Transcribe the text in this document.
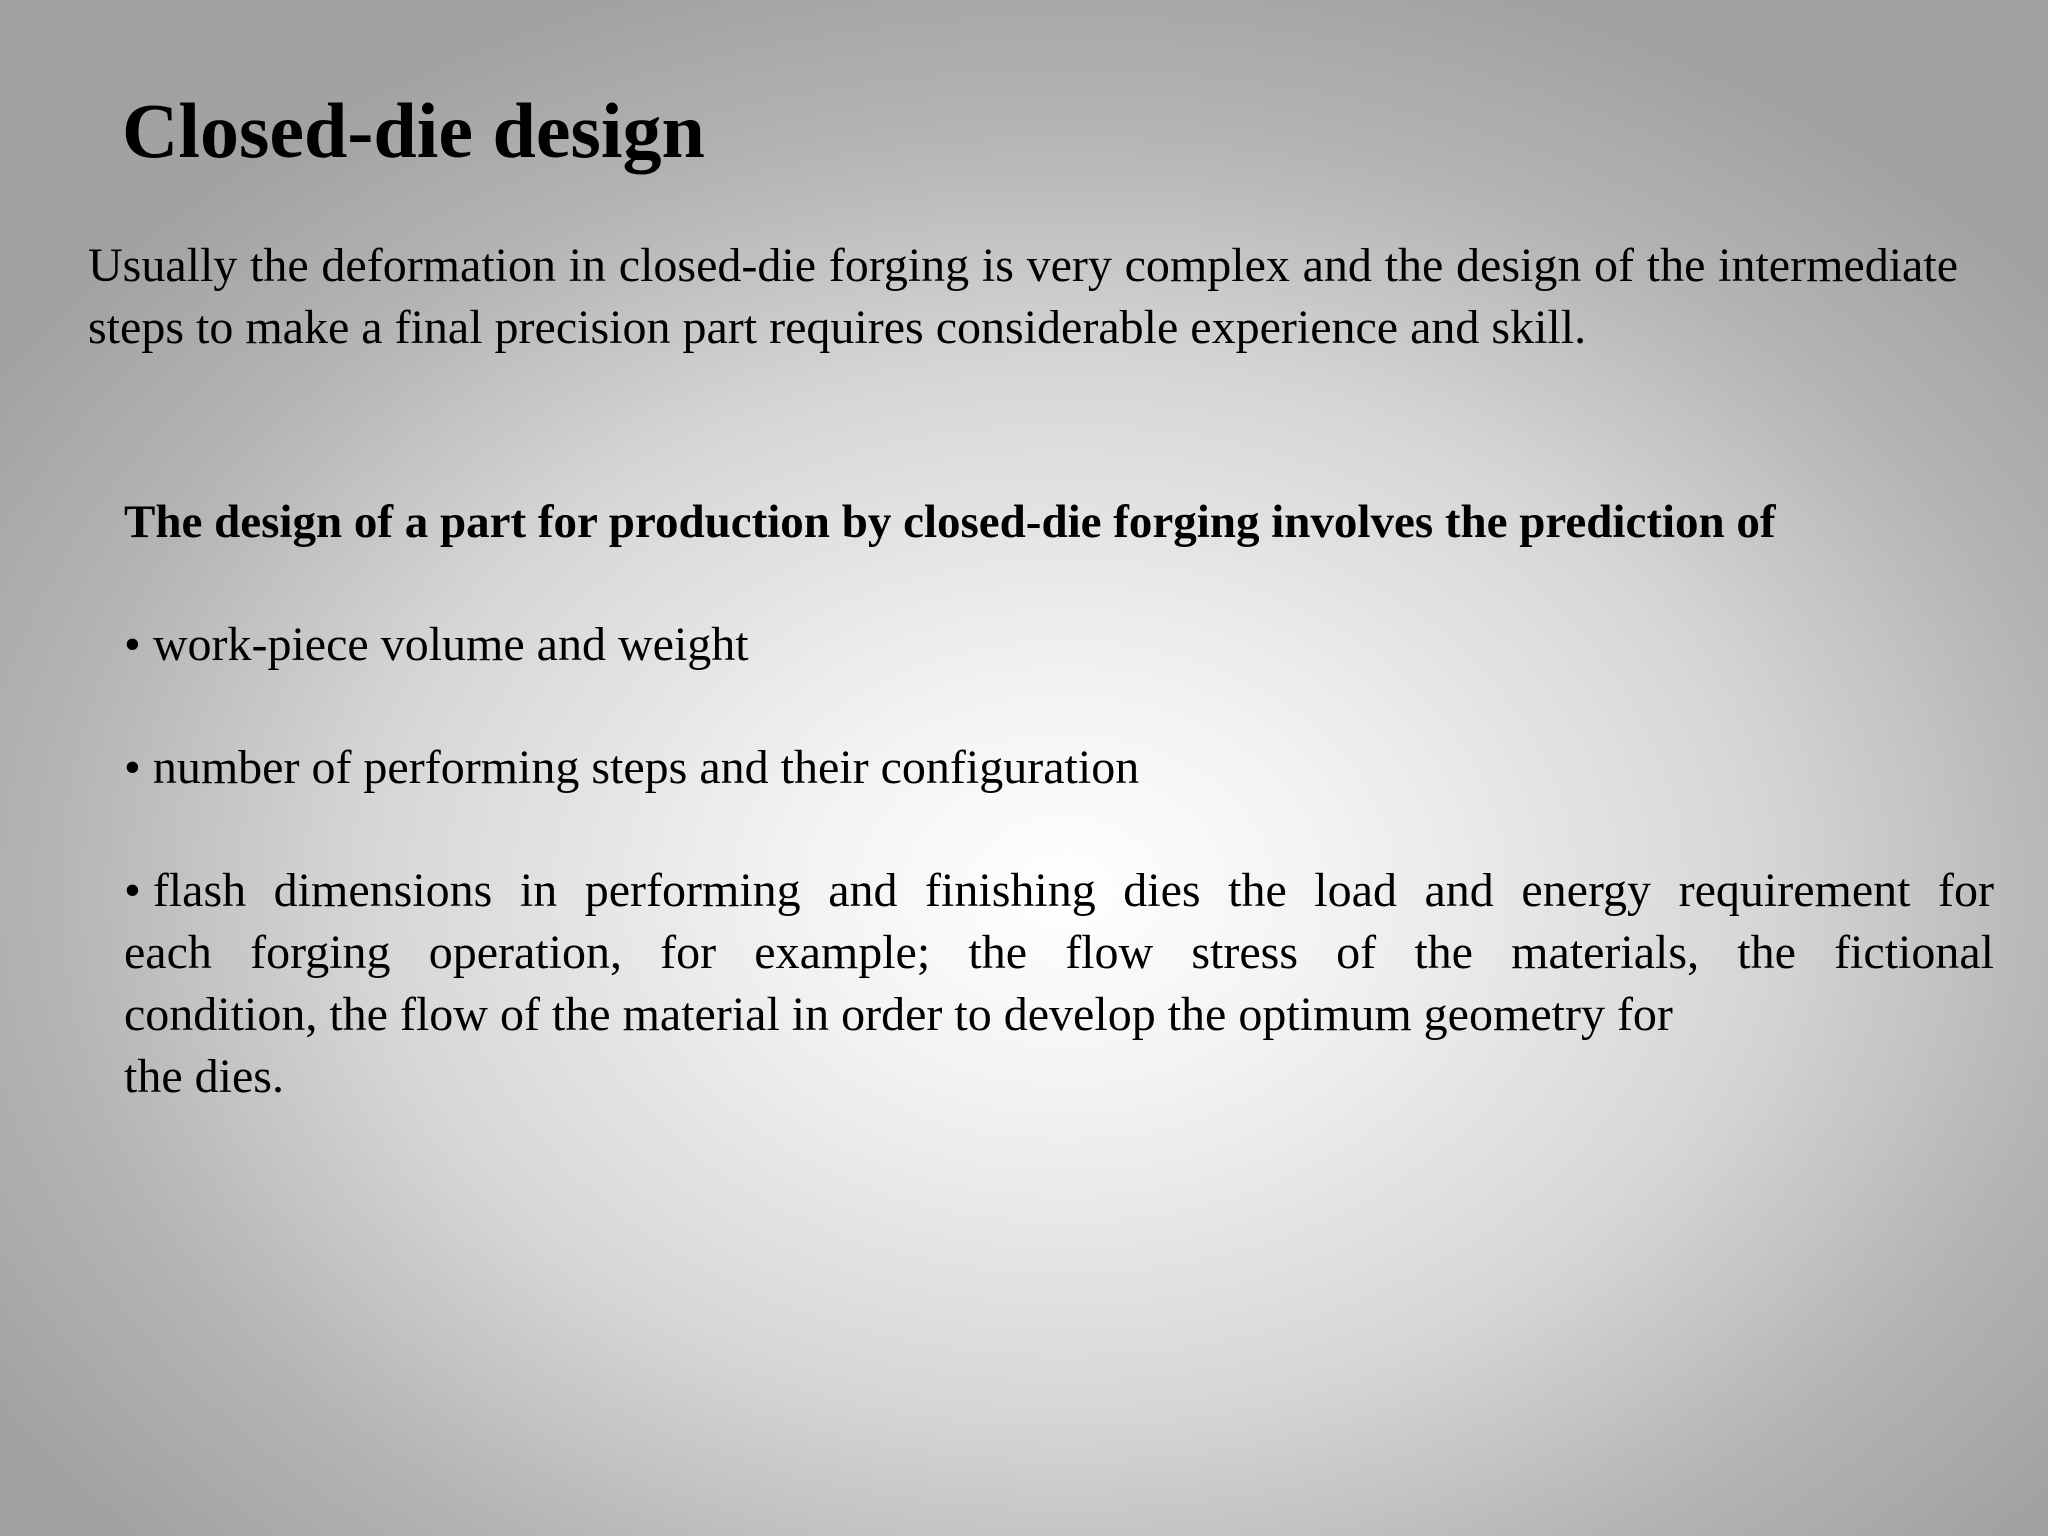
Closed-die design

Usually the deformation in closed-die forging is very complex and the design of the intermediate steps to make a final precision part requires considerable experience and skill.

The design of a part for production by closed-die forging involves the prediction of

• work-piece volume and weight
• number of performing steps and their configuration
• flash dimensions in performing and finishing dies the load and energy requirement for
each forging operation, for example; the flow stress of the materials, the fictional
condition, the flow of the material in order to develop the optimum geometry for
the dies.
